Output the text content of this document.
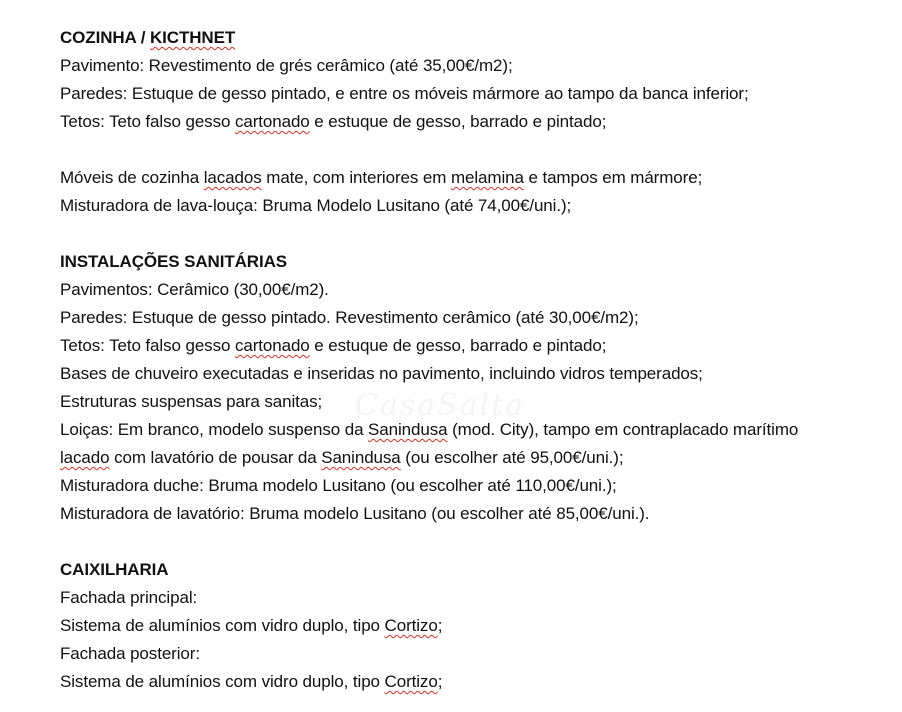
CasaSalta
COZINHA / KICTHNET
Pavimento: Revestimento de grés cerâmico (até 35,00€/m2);
Paredes: Estuque de gesso pintado, e entre os móveis mármore ao tampo da banca inferior;
Tetos: Teto falso gesso cartonado e estuque de gesso, barrado e pintado;
Móveis de cozinha lacados mate, com interiores em melamina e tampos em mármore;
Misturadora de lava-louça: Bruma Modelo Lusitano (até 74,00€/uni.);
INSTALAÇÕES SANITÁRIAS
Pavimentos: Cerâmico (30,00€/m2).
Paredes: Estuque de gesso pintado. Revestimento cerâmico (até 30,00€/m2);
Tetos: Teto falso gesso cartonado e estuque de gesso, barrado e pintado;
Bases de chuveiro executadas e inseridas no pavimento, incluindo vidros temperados;
Estruturas suspensas para sanitas;
Loiças: Em branco, modelo suspenso da Sanindusa (mod. City), tampo em contraplacado marítimo
lacado com lavatório de pousar da Sanindusa (ou escolher até 95,00€/uni.);
Misturadora duche: Bruma modelo Lusitano (ou escolher até 110,00€/uni.);
Misturadora de lavatório: Bruma modelo Lusitano (ou escolher até 85,00€/uni.).
CAIXILHARIA
Fachada principal:
Sistema de alumínios com vidro duplo, tipo Cortizo;
Fachada posterior:
Sistema de alumínios com vidro duplo, tipo Cortizo;
